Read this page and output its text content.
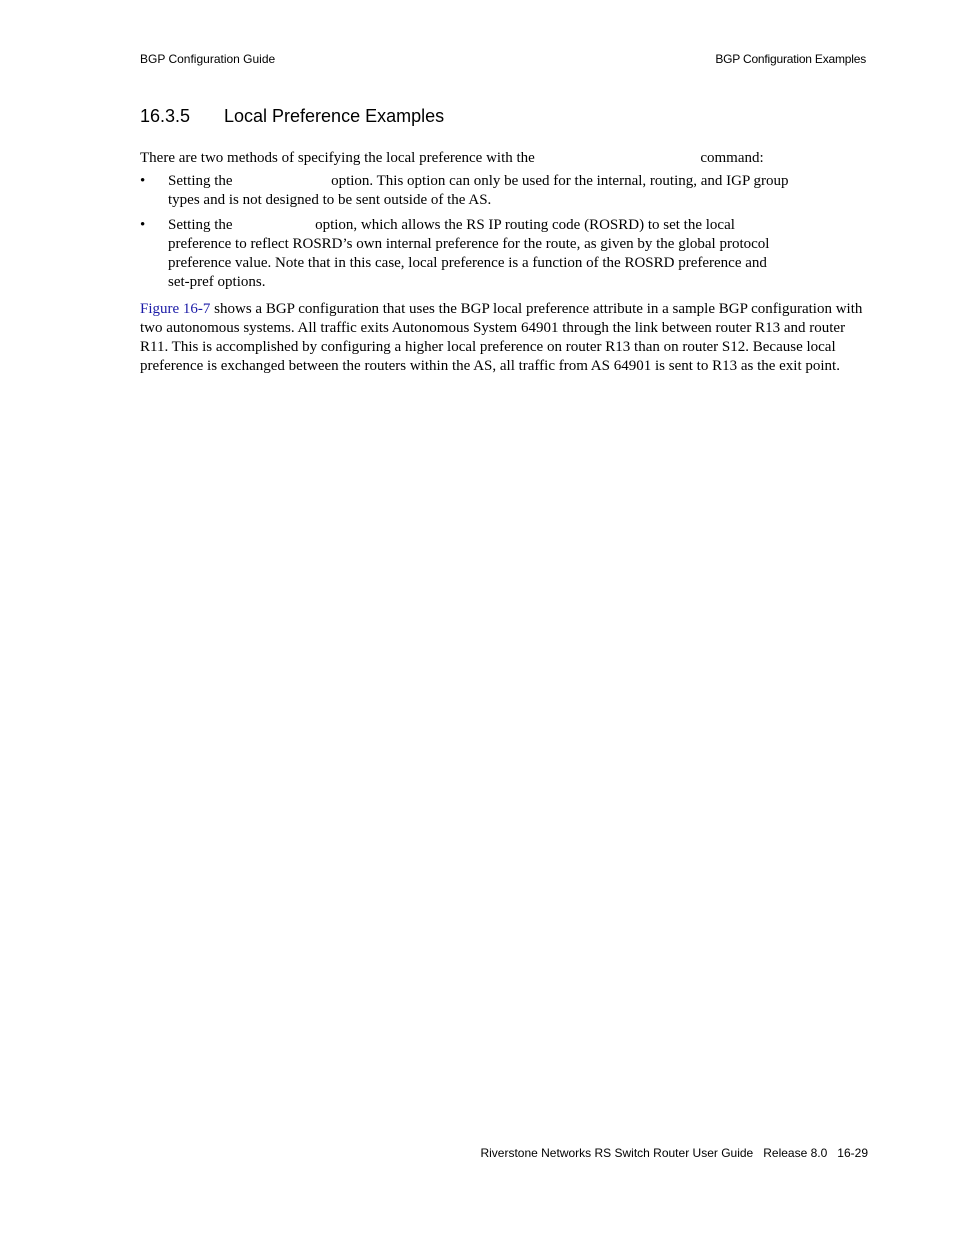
BGP Configuration Guide	BGP Configuration Examples
16.3.5 Local Preference Examples
There are two methods of specifying the local preference with the	command:
• Setting the	option. This option can only be used for the internal, routing, and IGP group types and is not designed to be sent outside of the AS.
• Setting the	option, which allows the RS IP routing code (ROSRD) to set the local preference to reflect ROSRD’s own internal preference for the route, as given by the global protocol preference value. Note that in this case, local preference is a function of the ROSRD preference and set-pref options.

Figure 16-7 shows a BGP configuration that uses the BGP local preference attribute in a sample BGP configuration with two autonomous systems. All traffic exits Autonomous System 64901 through the link between router R13 and router R11. This is accomplished by configuring a higher local preference on router R13 than on router S12. Because local preference is exchanged between the routers within the AS, all traffic from AS 64901 is sent to R13 as the exit point.

Riverstone Networks RS Switch Router User Guide Release 8.0 16-29
